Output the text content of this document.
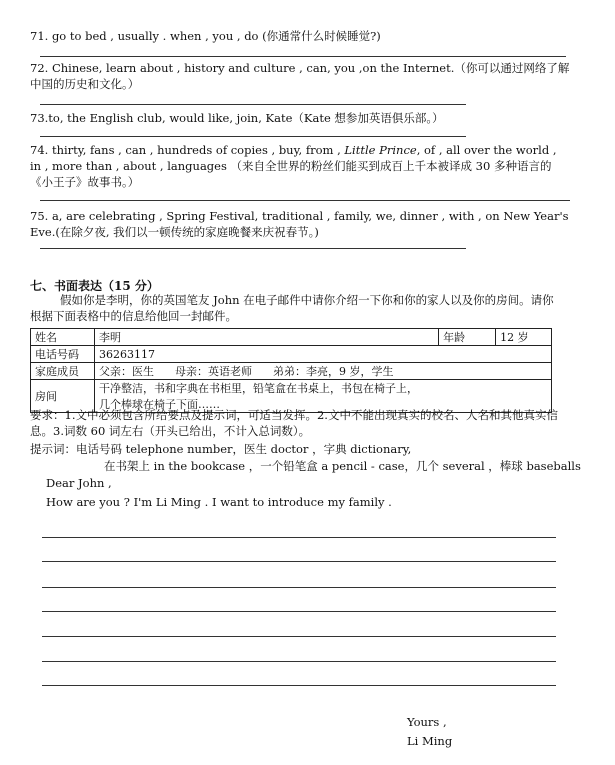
71. go to bed , usually . when , you , do (你通常什么时候睡觉?)
72. Chinese, learn about , history and culture , can, you ,on the Internet.（你可以通过网络了解中国的历史和文化。）
73.to, the English club, would like, join, Kate（Kate 想参加英语俱乐部。）
74. thirty, fans , can , hundreds of copies , buy, from , Little Prince, of , all over the world , in , more than , about , languages （来自全世界的粉丝们能买到成百上千本被译成 30 多种语言的《小王子》故事书。）
75. a, are celebrating , Spring Festival, traditional , family, we, dinner , with , on New Year's Eve.(在除夕夜, 我们以一顿传统的家庭晚餐来庆祝春节。)
七、书面表达（15 分）
假如你是李明，你的英国笔友 John 在电子邮件中请你介绍一下你和你的家人以及你的房间。请你根据下面表格中的信息给他回一封邮件。
姓名	李明	年龄	12 岁
电话号码	36263117		
家庭成员	父亲：医生 母亲：英语老师 弟弟：李亮，9 岁，学生		
房间	干净整洁，书和字典在书柜里，铅笔盒在书桌上，书包在椅子上，
几个棒球在椅子下面……		
要求：1.文中必须包含所给要点及提示词，可适当发挥。2.文中不能出现真实的校名、人名和其他真实信息。3.词数 60 词左右（开头已给出，不计入总词数）。
提示词：电话号码 telephone number，医生 doctor ，字典 dictionary,
在书架上 in the bookcase ，一个铅笔盒 a pencil - case，几个 several ，棒球 baseballs
Dear John ,
How are you ? I'm Li Ming . I want to introduce my family .
Yours ,
Li Ming
